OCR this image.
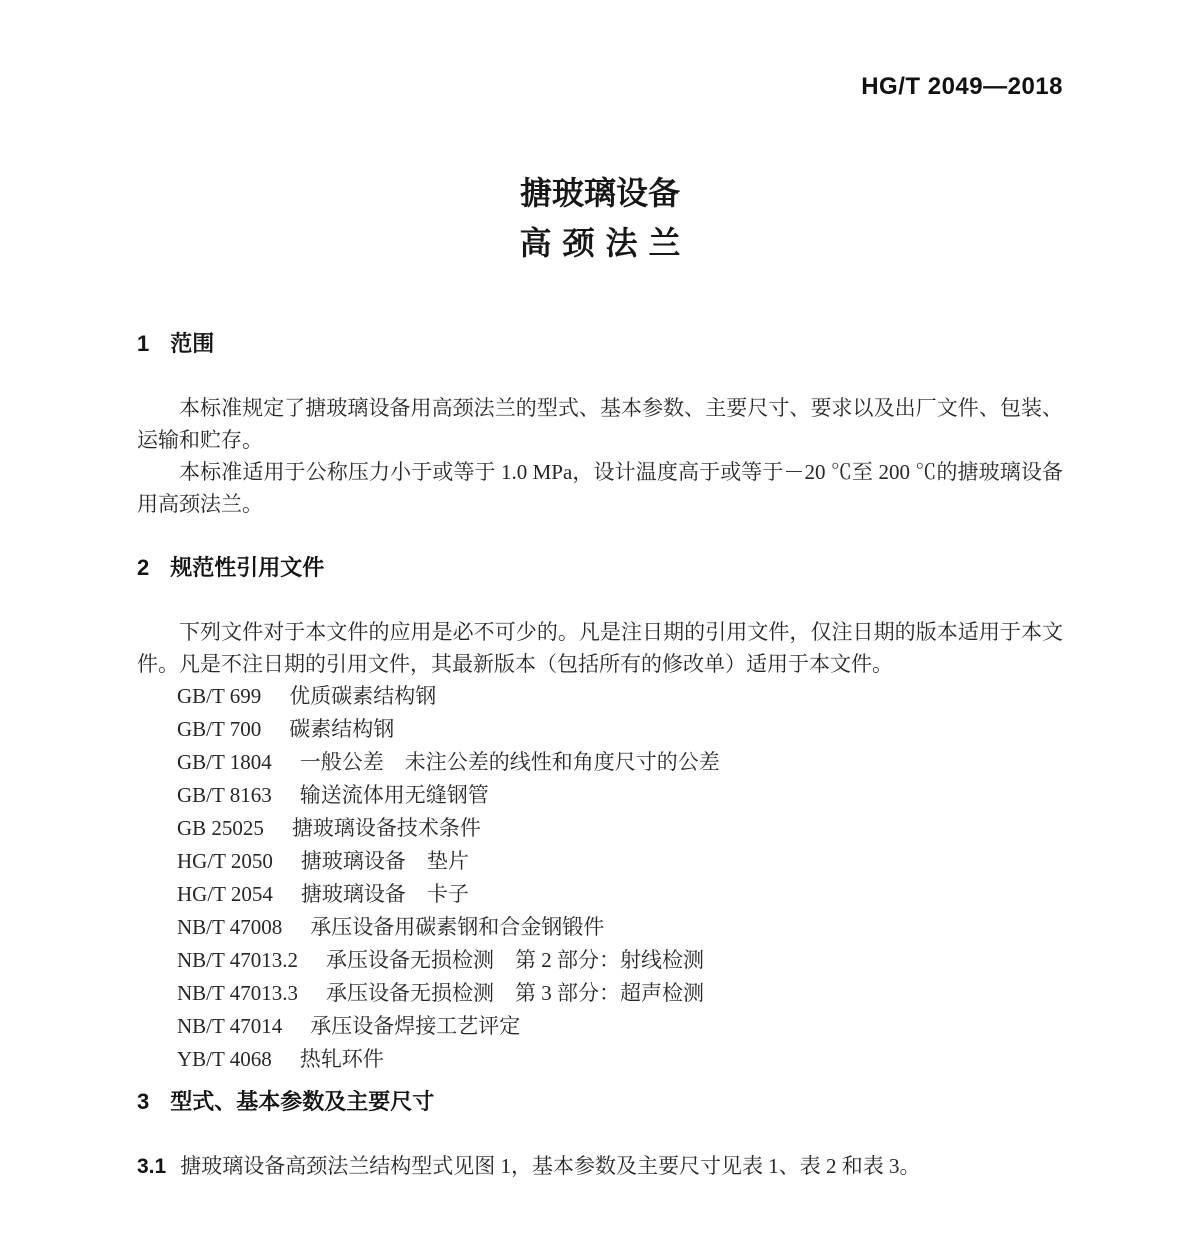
HG/T 2049—2018
搪玻璃设备
高颈法兰
1 范围

本标准规定了搪玻璃设备用高颈法兰的型式、基本参数、主要尺寸、要求以及出厂文件、包装、运输和贮存。

本标准适用于公称压力小于或等于 1.0 MPa，设计温度高于或等于－20 ℃至 200 ℃的搪玻璃设备用高颈法兰。

2 规范性引用文件

下列文件对于本文件的应用是必不可少的。凡是注日期的引用文件，仅注日期的版本适用于本文件。凡是不注日期的引用文件，其最新版本（包括所有的修改单）适用于本文件。

GB/T 699 优质碳素结构钢
GB/T 700 碳素结构钢
GB/T 1804 一般公差　未注公差的线性和角度尺寸的公差
GB/T 8163 输送流体用无缝钢管
GB 25025 搪玻璃设备技术条件
HG/T 2050 搪玻璃设备　垫片
HG/T 2054 搪玻璃设备　卡子
NB/T 47008 承压设备用碳素钢和合金钢锻件
NB/T 47013.2 承压设备无损检测　第 2 部分：射线检测
NB/T 47013.3 承压设备无损检测　第 3 部分：超声检测
NB/T 47014 承压设备焊接工艺评定
YB/T 4068 热轧环件
3 型式、基本参数及主要尺寸
3.1 搪玻璃设备高颈法兰结构型式见图 1，基本参数及主要尺寸见表 1、表 2 和表 3。
